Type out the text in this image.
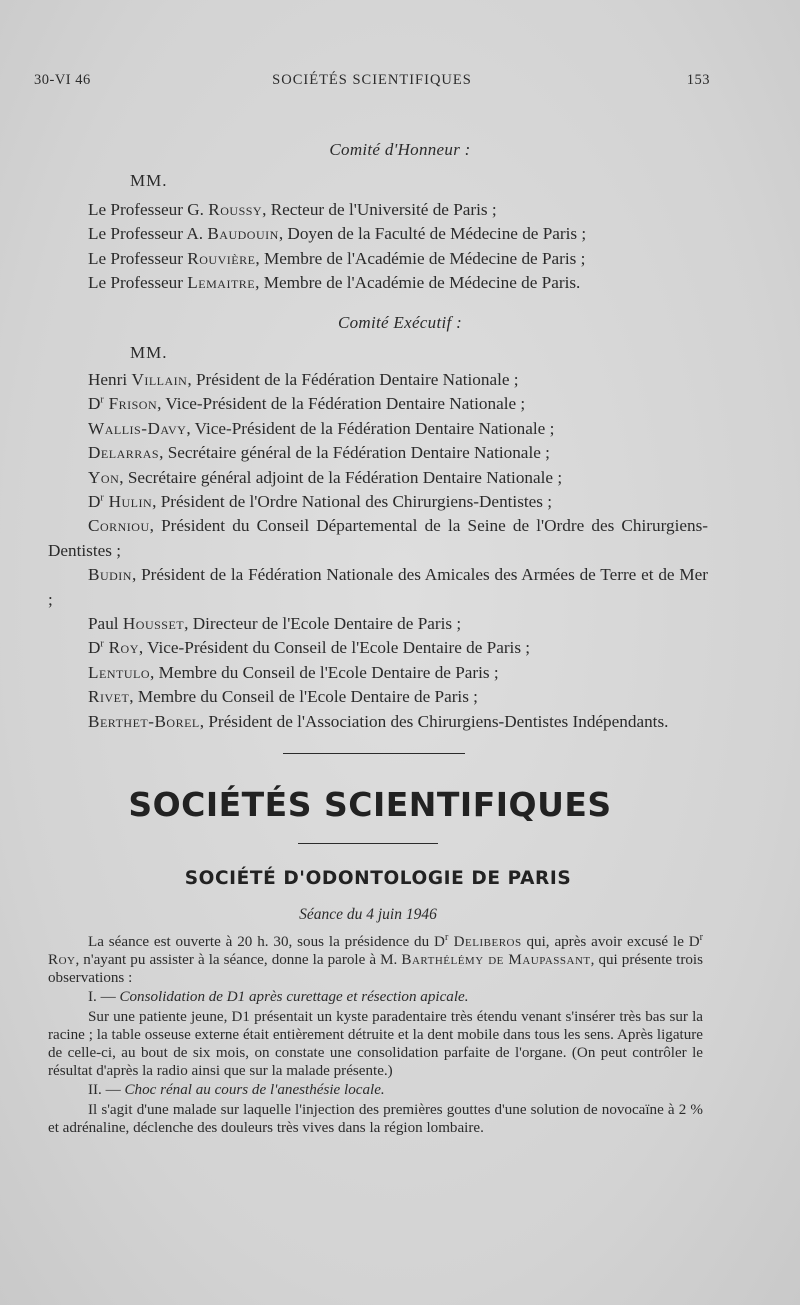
30-VI 46	SOCIÉTÉS SCIENTIFIQUES	153
Comité d'Honneur :
MM.
Le Professeur G. Roussy, Recteur de l'Université de Paris ;
Le Professeur A. Baudouin, Doyen de la Faculté de Médecine de Paris ;
Le Professeur Rouvière, Membre de l'Académie de Médecine de Paris ;
Le Professeur Lemaitre, Membre de l'Académie de Médecine de Paris.
Comité Exécutif :
MM.
Henri Villain, Président de la Fédération Dentaire Nationale ;
$D^r$ Frison, Vice-Président de la Fédération Dentaire Nationale ;
Wallis-Davy, Vice-Président de la Fédération Dentaire Nationale ;
Delarras, Secrétaire général de la Fédération Dentaire Nationale ;
Yon, Secrétaire général adjoint de la Fédération Dentaire Nationale ;
$D^r$ Hulin, Président de l'Ordre National des Chirurgiens-Dentistes ;
Corniou, Président du Conseil Départemental de la Seine de l'Ordre des Chirurgiens-Dentistes ;
Budin, Président de la Fédération Nationale des Amicales des Armées de Terre et de Mer ;
Paul Housset, Directeur de l'Ecole Dentaire de Paris ;
$D^r$ Roy, Vice-Président du Conseil de l'Ecole Dentaire de Paris ;
Lentulo, Membre du Conseil de l'Ecole Dentaire de Paris ;
Rivet, Membre du Conseil de l'Ecole Dentaire de Paris ;
Berthet-Borel, Président de l'Association des Chirurgiens-Dentistes Indépendants.
SOCIÉTÉS SCIENTIFIQUES
SOCIÉTÉ D'ODONTOLOGIE DE PARIS
Séance du 4 juin 1946

La séance est ouverte à 20 h. 30, sous la présidence du $D^r$ Deliberos qui, après avoir excusé le $D^r$ Roy, n'ayant pu assister à la séance, donne la parole à M. Barthélémy de Maupassant, qui présente trois observations :

I. — Consolidation de D1 après curettage et résection apicale.

Sur une patiente jeune, D1 présentait un kyste paradentaire très étendu venant s'insérer très bas sur la racine ; la table osseuse externe était entièrement détruite et la dent mobile dans tous les sens. Après ligature de celle-ci, au bout de six mois, on constate une consolidation parfaite de l'organe. (On peut contrôler le résultat d'après la radio ainsi que sur la malade présente.)

II. — Choc rénal au cours de l'anesthésie locale.

Il s'agit d'une malade sur laquelle l'injection des premières gouttes d'une solution de novocaïne à 2 % et adrénaline, déclenche des douleurs très vives dans la région lombaire.
